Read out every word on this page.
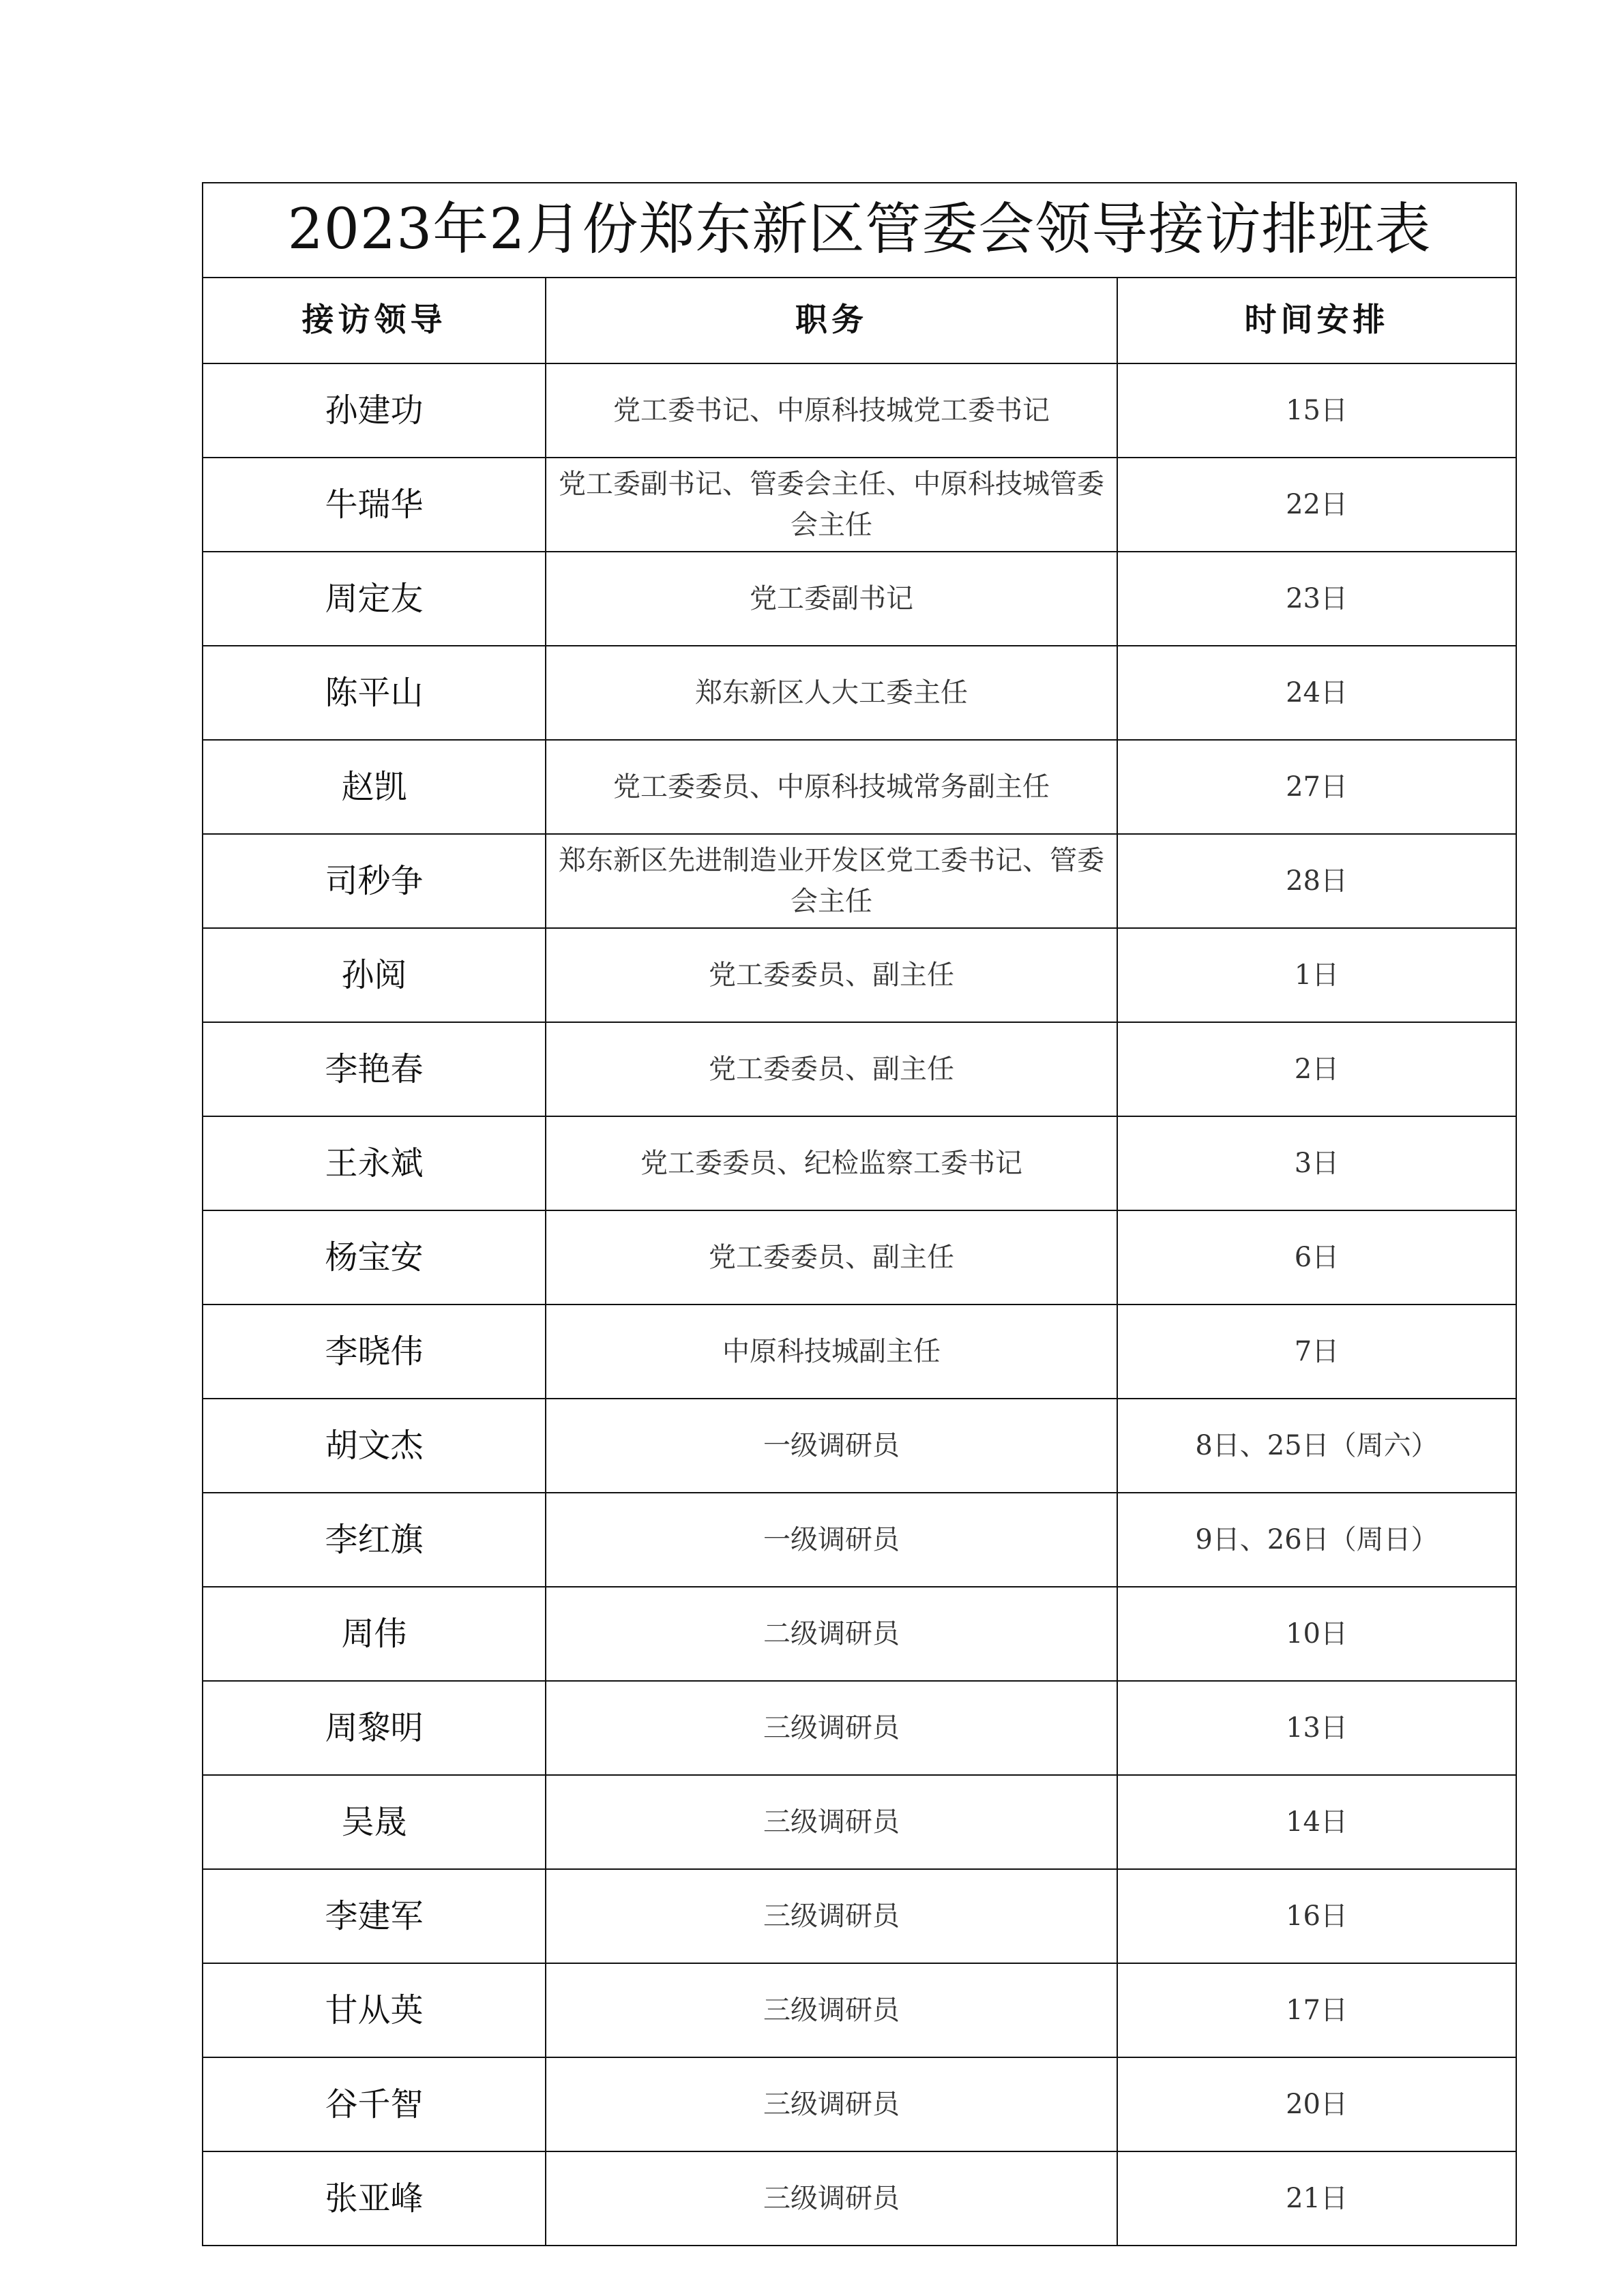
2023年2月份郑东新区管委会领导接访排班表		
接访领导	职务	时间安排
孙建功	党工委书记、中原科技城党工委书记	15日
牛瑞华	党工委副书记、管委会主任、中原科技城管委会主任	22日
周定友	党工委副书记	23日
陈平山	郑东新区人大工委主任	24日
赵凯	党工委委员、中原科技城常务副主任	27日
司秒争	郑东新区先进制造业开发区党工委书记、管委会主任	28日
孙阅	党工委委员、副主任	1日
李艳春	党工委委员、副主任	2日
王永斌	党工委委员、纪检监察工委书记	3日
杨宝安	党工委委员、副主任	6日
李晓伟	中原科技城副主任	7日
胡文杰	一级调研员	8日、25日（周六）
李红旗	一级调研员	9日、26日（周日）
周伟	二级调研员	10日
周黎明	三级调研员	13日
吴晟	三级调研员	14日
李建军	三级调研员	16日
甘从英	三级调研员	17日
谷千智	三级调研员	20日
张亚峰	三级调研员	21日
